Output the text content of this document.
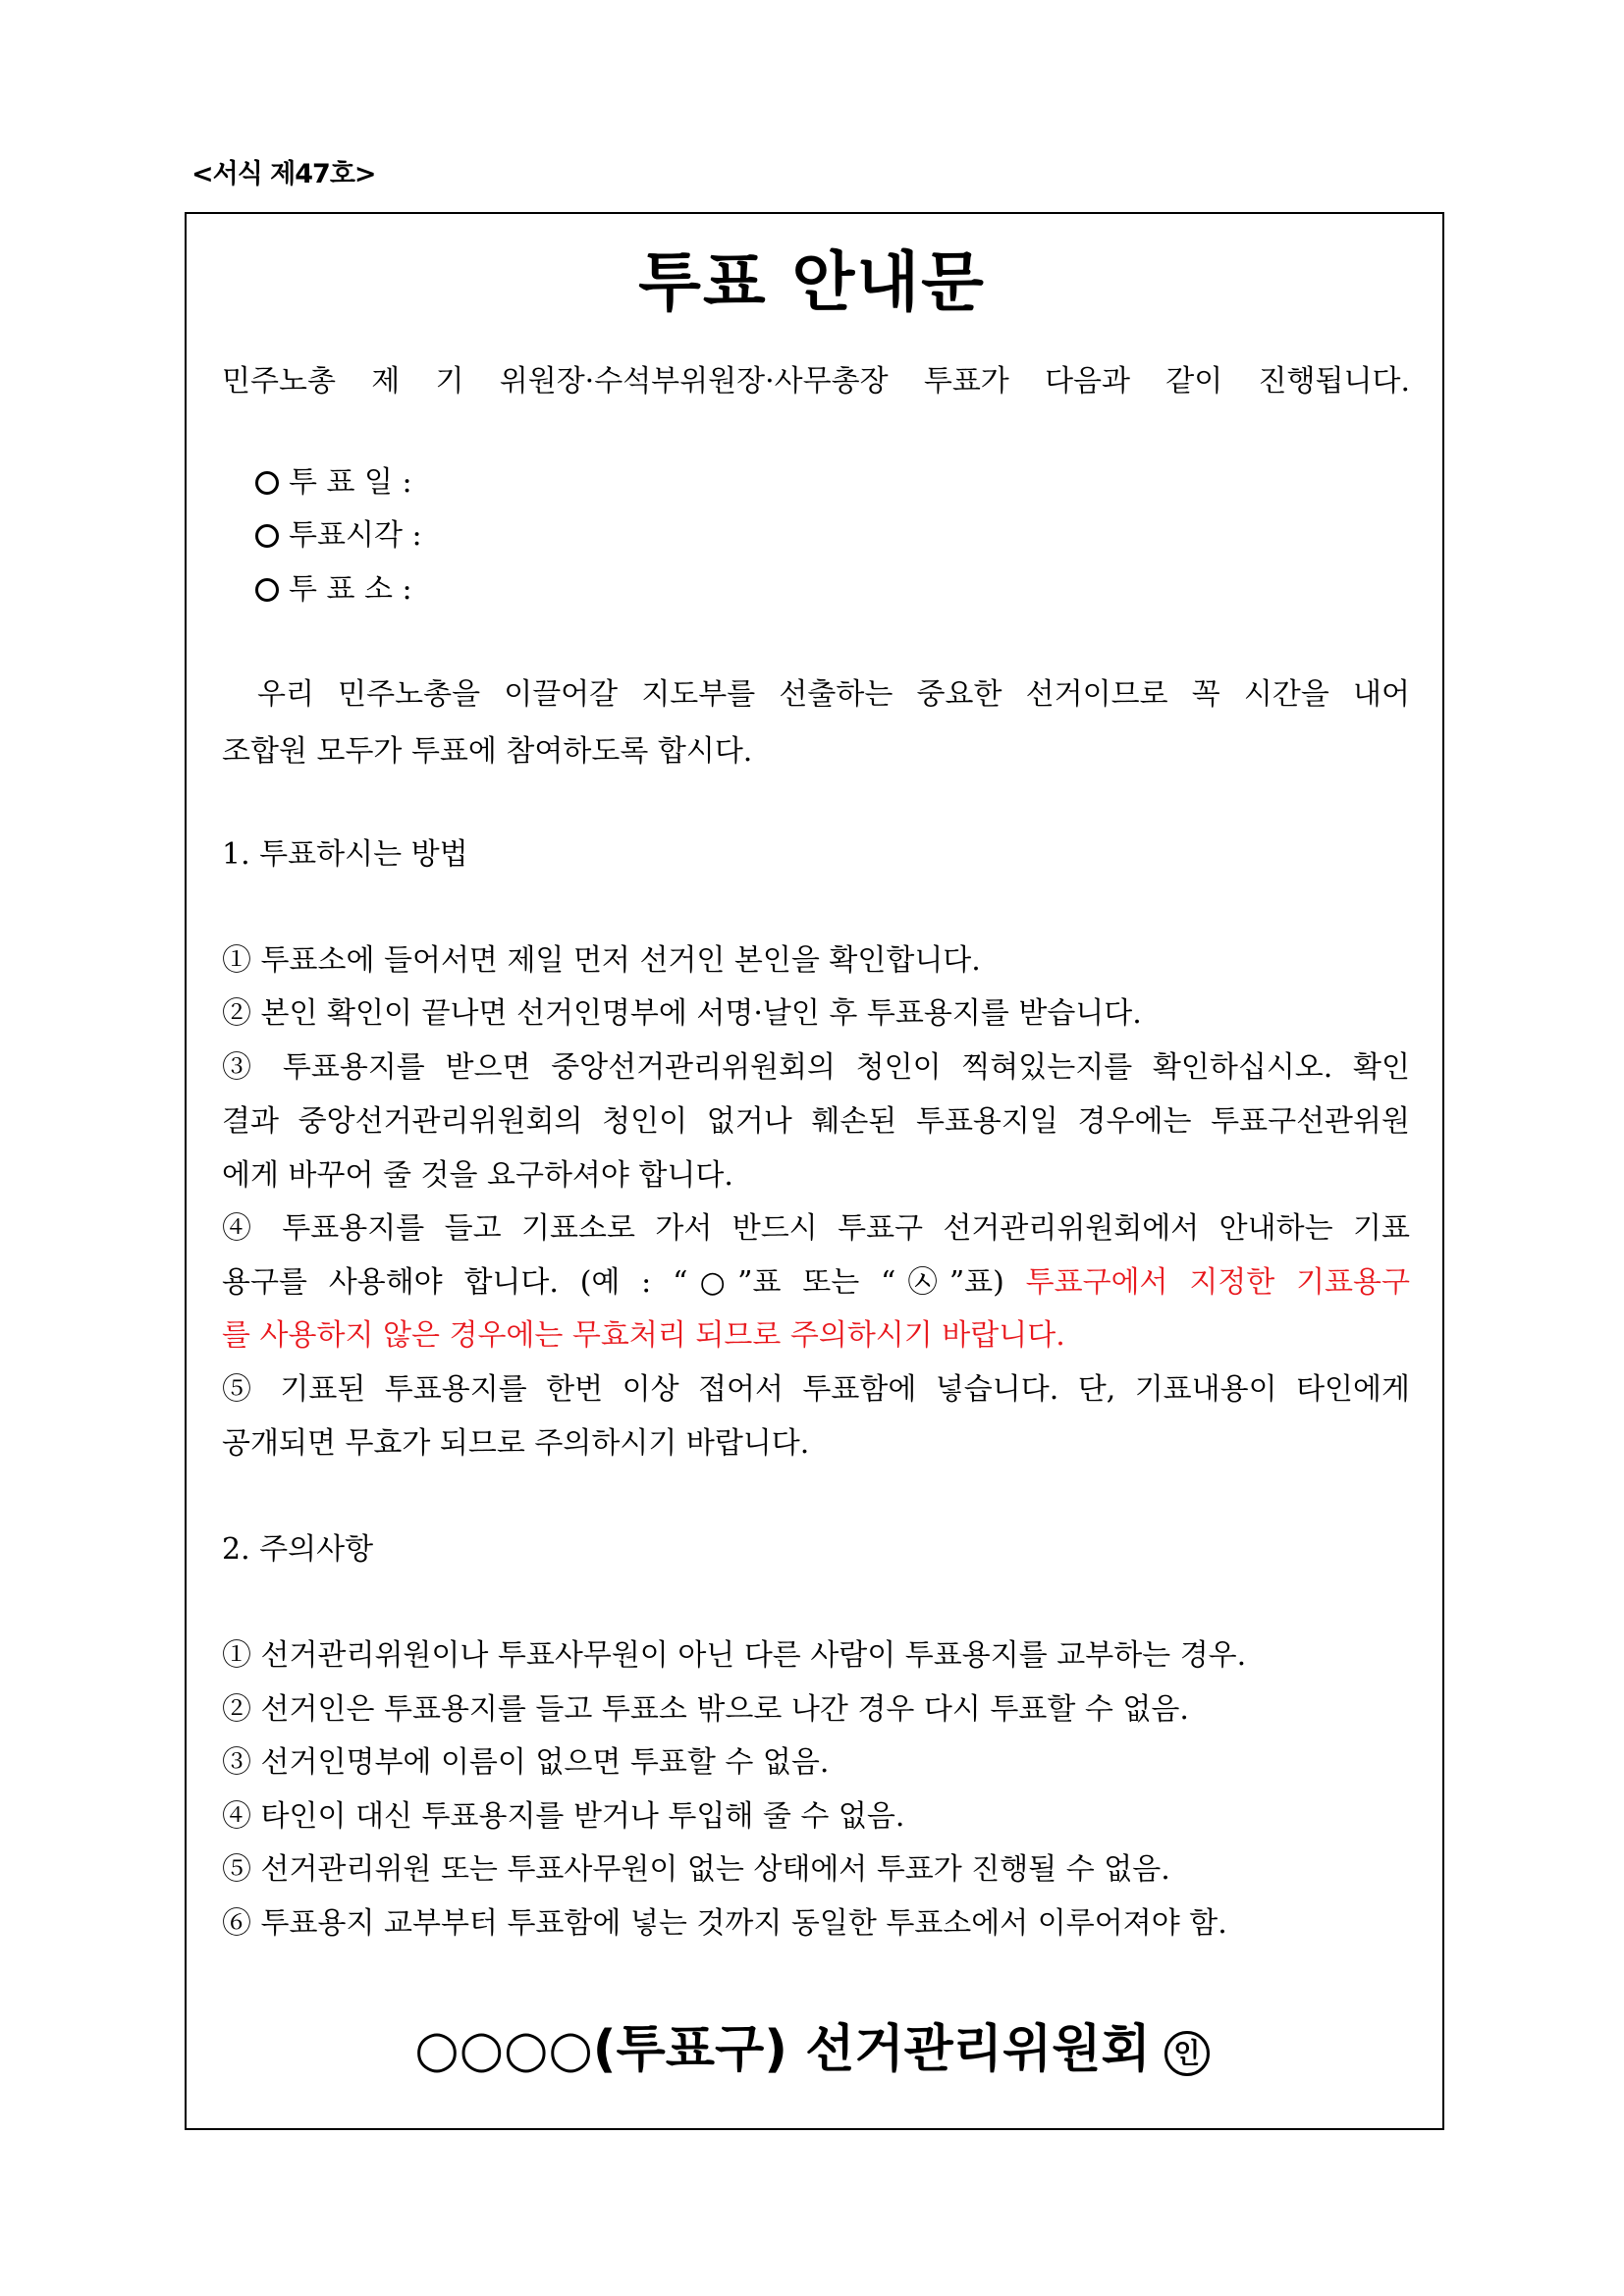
<서식 제47호>
투표 안내문
민주노총 제 기 위원장·수석부위원장·사무총장 투표가 다음과 같이 진행됩니다.
투 표 일 :
투표시각 :
투 표 소 :
우리 민주노총을 이끌어갈 지도부를 선출하는 중요한 선거이므로 꼭 시간을 내어
조합원 모두가 투표에 참여하도록 합시다.
1. 투표하시는 방법
① 투표소에 들어서면 제일 먼저 선거인 본인을 확인합니다.
② 본인 확인이 끝나면 선거인명부에 서명·날인 후 투표용지를 받습니다.
③ 투표용지를 받으면 중앙선거관리위원회의 청인이 찍혀있는지를 확인하십시오. 확인
결과 중앙선거관리위원회의 청인이 없거나 훼손된 투표용지일 경우에는 투표구선관위원
에게 바꾸어 줄 것을 요구하셔야 합니다.
④ 투표용지를 들고 기표소로 가서 반드시 투표구 선거관리위원회에서 안내하는 기표
용구를 사용해야 합니다. (예 : “○”표 또는 “㉦”표) 투표구에서 지정한 기표용구
를 사용하지 않은 경우에는 무효처리 되므로 주의하시기 바랍니다.
⑤ 기표된 투표용지를 한번 이상 접어서 투표함에 넣습니다. 단, 기표내용이 타인에게
공개되면 무효가 되므로 주의하시기 바랍니다.
2. 주의사항
① 선거관리위원이나 투표사무원이 아닌 다른 사람이 투표용지를 교부하는 경우.
② 선거인은 투표용지를 들고 투표소 밖으로 나간 경우 다시 투표할 수 없음.
③ 선거인명부에 이름이 없으면 투표할 수 없음.
④ 타인이 대신 투표용지를 받거나 투입해 줄 수 없음.
⑤ 선거관리위원 또는 투표사무원이 없는 상태에서 투표가 진행될 수 없음.
⑥ 투표용지 교부부터 투표함에 넣는 것까지 동일한 투표소에서 이루어져야 함.
○○○○(투표구) 선거관리위원회 인
